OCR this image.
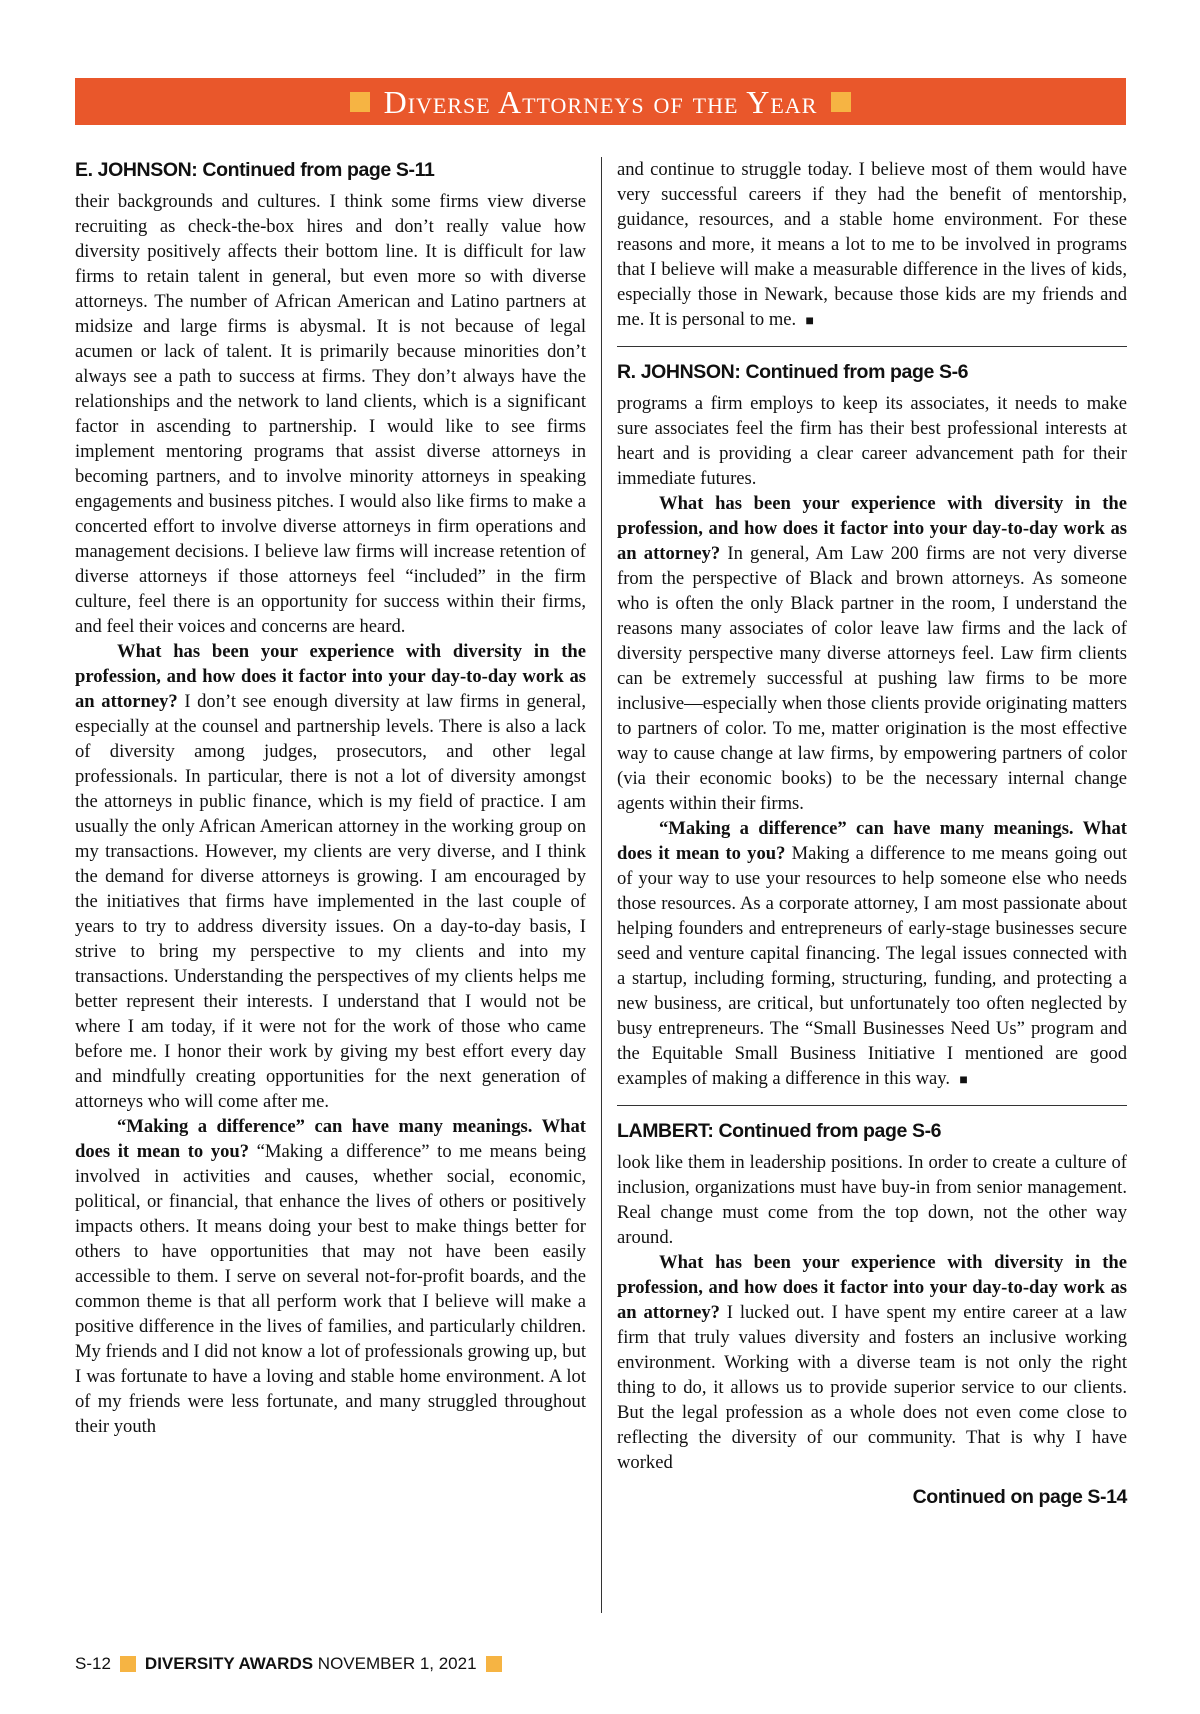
Diverse Attorneys of the Year
E. JOHNSON: Continued from page S-11

their backgrounds and cultures. I think some firms view diverse recruiting as check-the-box hires and don’t really value how diversity positively affects their bottom line. It is difficult for law firms to retain talent in general, but even more so with diverse attorneys. The number of African American and Latino partners at midsize and large firms is abysmal. It is not because of legal acumen or lack of talent. It is primarily because minorities don’t always see a path to success at firms. They don’t always have the relationships and the network to land clients, which is a significant factor in ascending to partnership. I would like to see firms implement mentoring programs that assist diverse attorneys in becoming partners, and to involve minority attorneys in speaking engagements and business pitches. I would also like firms to make a concerted effort to involve diverse attorneys in firm operations and management decisions. I believe law firms will increase retention of diverse attorneys if those attorneys feel “included” in the firm culture, feel there is an opportunity for success within their firms, and feel their voices and concerns are heard.

What has been your experience with diversity in the profession, and how does it factor into your day-to-day work as an attorney? I don’t see enough diversity at law firms in general, especially at the counsel and partnership levels. There is also a lack of diversity among judges, prosecutors, and other legal professionals. In particular, there is not a lot of diversity amongst the attorneys in public finance, which is my field of practice. I am usually the only African American attorney in the working group on my transactions. However, my clients are very diverse, and I think the demand for diverse attorneys is growing. I am encouraged by the initiatives that firms have implemented in the last couple of years to try to address diversity issues. On a day-to-day basis, I strive to bring my perspective to my clients and into my transactions. Understanding the perspectives of my clients helps me better represent their interests. I understand that I would not be where I am today, if it were not for the work of those who came before me. I honor their work by giving my best effort every day and mindfully creating opportunities for the next generation of attorneys who will come after me.

“Making a difference” can have many meanings. What does it mean to you? “Making a difference” to me means being involved in activities and causes, whether social, economic, political, or financial, that enhance the lives of others or positively impacts others. It means doing your best to make things better for others to have opportunities that may not have been easily accessible to them. I serve on several not-for-profit boards, and the common theme is that all perform work that I believe will make a positive difference in the lives of families, and particularly children. My friends and I did not know a lot of professionals growing up, but I was fortunate to have a loving and stable home environment. A lot of my friends were less fortunate, and many struggled throughout their youth

and continue to struggle today. I believe most of them would have very successful careers if they had the benefit of mentorship, guidance, resources, and a stable home environment. For these reasons and more, it means a lot to me to be involved in programs that I believe will make a measurable difference in the lives of kids, especially those in Newark, because those kids are my friends and me. It is personal to me. ■

R. JOHNSON: Continued from page S-6

programs a firm employs to keep its associates, it needs to make sure associates feel the firm has their best professional interests at heart and is providing a clear career advancement path for their immediate futures.

What has been your experience with diversity in the profession, and how does it factor into your day-to-day work as an attorney? In general, Am Law 200 firms are not very diverse from the perspective of Black and brown attorneys. As someone who is often the only Black partner in the room, I understand the reasons many associates of color leave law firms and the lack of diversity perspective many diverse attorneys feel. Law firm clients can be extremely successful at pushing law firms to be more inclusive—especially when those clients provide originating matters to partners of color. To me, matter origination is the most effective way to cause change at law firms, by empowering partners of color (via their economic books) to be the necessary internal change agents within their firms.

“Making a difference” can have many meanings. What does it mean to you? Making a difference to me means going out of your way to use your resources to help someone else who needs those resources. As a corporate attorney, I am most passionate about helping founders and entrepreneurs of early-stage businesses secure seed and venture capital financing. The legal issues connected with a startup, including forming, structuring, funding, and protecting a new business, are critical, but unfortunately too often neglected by busy entrepreneurs. The “Small Businesses Need Us” program and the Equitable Small Business Initiative I mentioned are good examples of making a difference in this way. ■

LAMBERT: Continued from page S-6

look like them in leadership positions. In order to create a culture of inclusion, organizations must have buy-in from senior management. Real change must come from the top down, not the other way around.

What has been your experience with diversity in the profession, and how does it factor into your day-to-day work as an attorney? I lucked out. I have spent my entire career at a law firm that truly values diversity and fosters an inclusive working environment. Working with a diverse team is not only the right thing to do, it allows us to provide superior service to our clients. But the legal profession as a whole does not even come close to reflecting the diversity of our community. That is why I have worked

Continued on page S-14
S-12 DIVERSITY AWARDS
NOVEMBER 1, 2021
